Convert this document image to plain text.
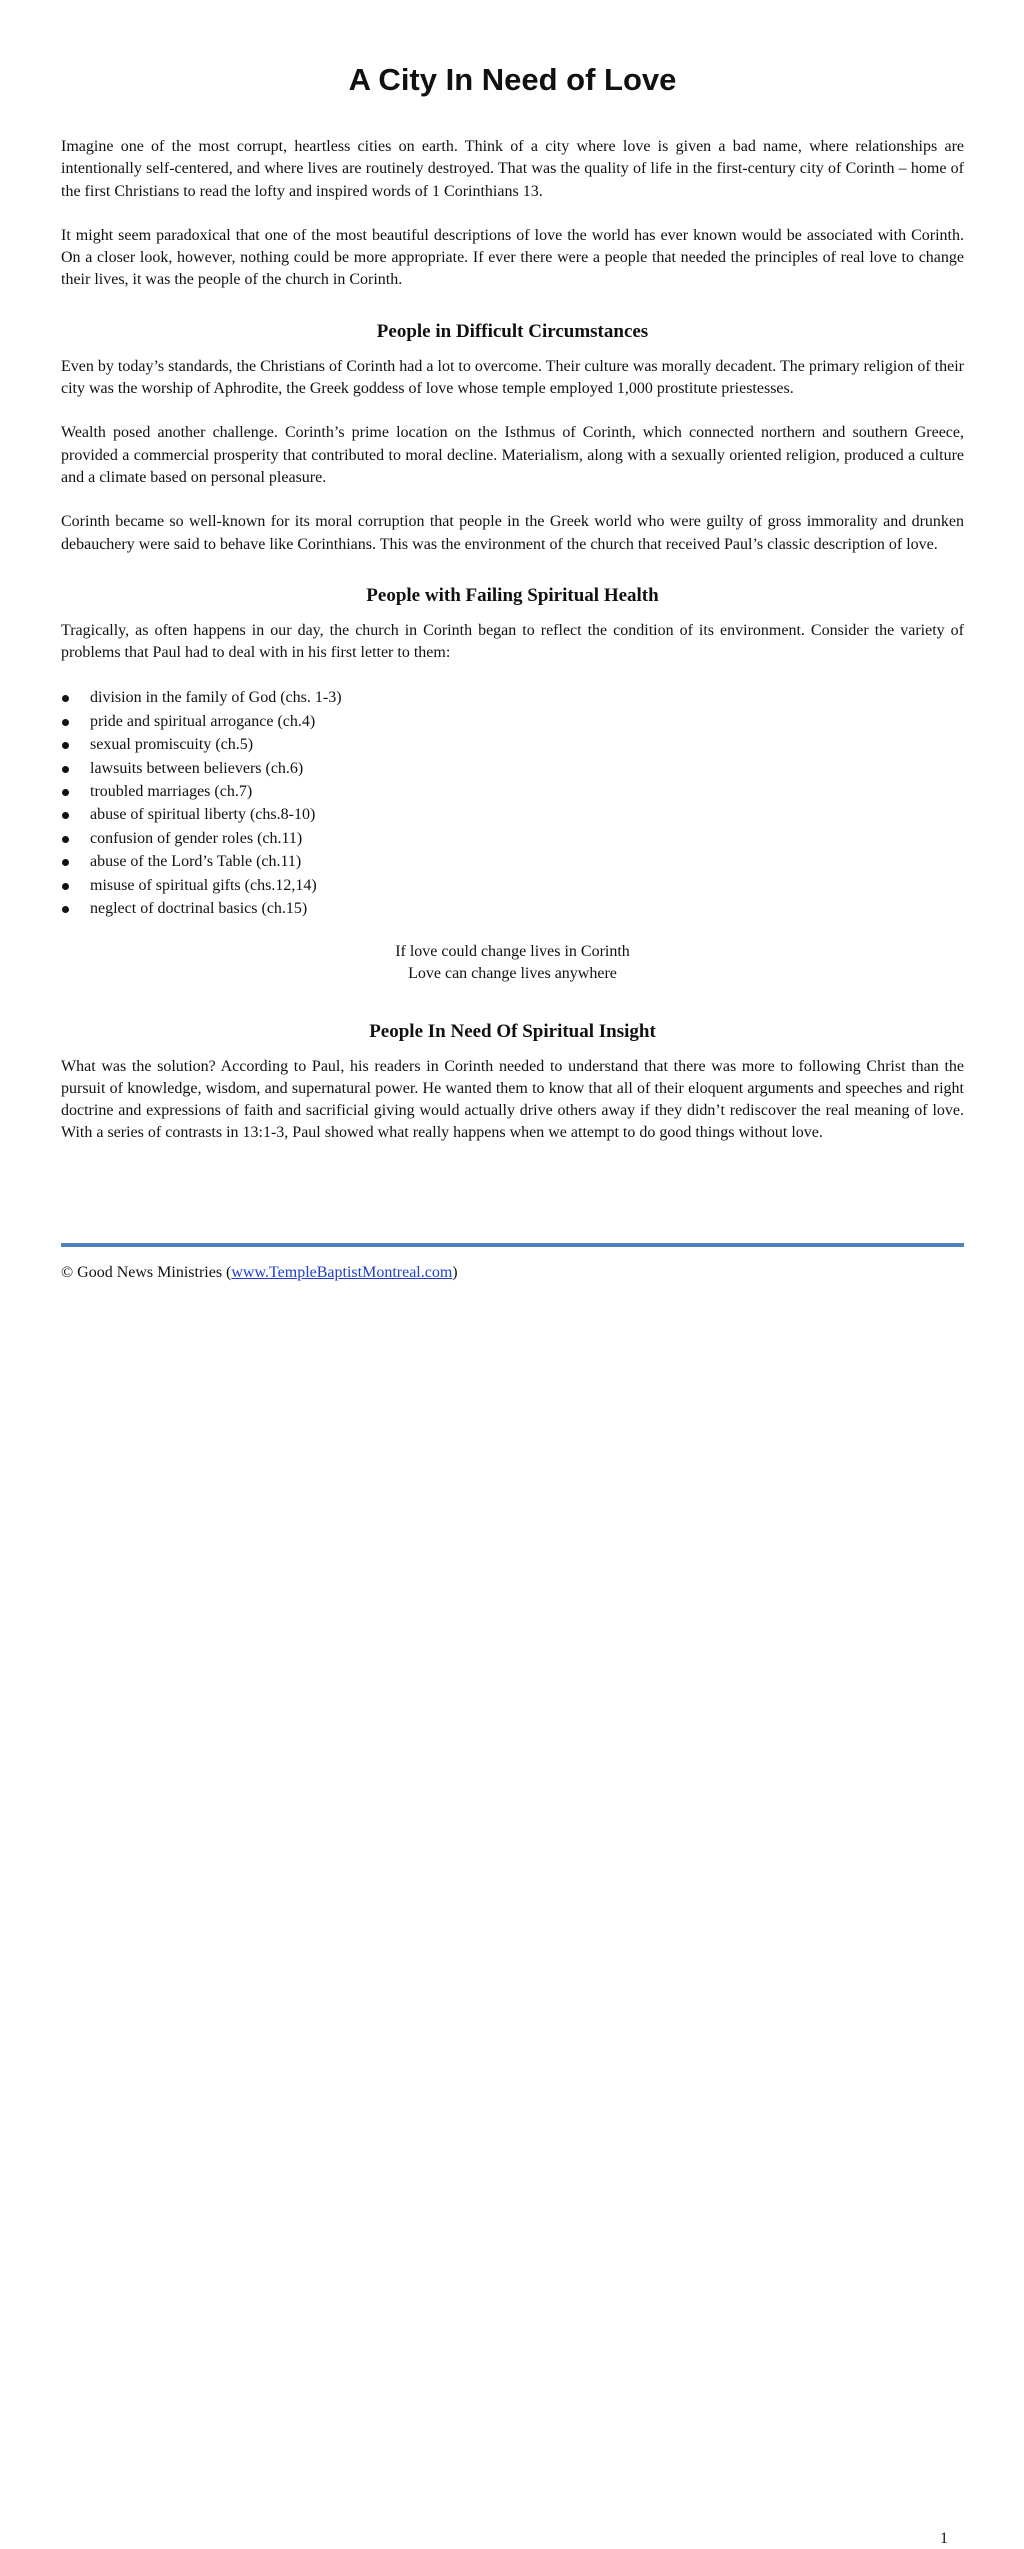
A City In Need of Love

Imagine one of the most corrupt, heartless cities on earth. Think of a city where love is given a bad name, where relationships are intentionally self-centered, and where lives are routinely destroyed. That was the quality of life in the first-century city of Corinth – home of the first Christians to read the lofty and inspired words of 1 Corinthians 13.

It might seem paradoxical that one of the most beautiful descriptions of love the world has ever known would be associated with Corinth. On a closer look, however, nothing could be more appropriate. If ever there were a people that needed the principles of real love to change their lives, it was the people of the church in Corinth.

People in Difficult Circumstances

Even by today’s standards, the Christians of Corinth had a lot to overcome. Their culture was morally decadent. The primary religion of their city was the worship of Aphrodite, the Greek goddess of love whose temple employed 1,000 prostitute priestesses.

Wealth posed another challenge. Corinth’s prime location on the Isthmus of Corinth, which connected northern and southern Greece, provided a commercial prosperity that contributed to moral decline. Materialism, along with a sexually oriented religion, produced a culture and a climate based on personal pleasure.

Corinth became so well-known for its moral corruption that people in the Greek world who were guilty of gross immorality and drunken debauchery were said to behave like Corinthians. This was the environment of the church that received Paul’s classic description of love.

People with Failing Spiritual Health

Tragically, as often happens in our day, the church in Corinth began to reflect the condition of its environment. Consider the variety of problems that Paul had to deal with in his first letter to them:

division in the family of God (chs. 1-3)
pride and spiritual arrogance (ch.4)
sexual promiscuity (ch.5)
lawsuits between believers (ch.6)
troubled marriages (ch.7)
abuse of spiritual liberty (chs.8-10)
confusion of gender roles (ch.11)
abuse of the Lord’s Table (ch.11)
misuse of spiritual gifts (chs.12,14)
neglect of doctrinal basics (ch.15)
If love could change lives in Corinth
Love can change lives anywhere
People In Need Of Spiritual Insight

What was the solution? According to Paul, his readers in Corinth needed to understand that there was more to following Christ than the pursuit of knowledge, wisdom, and supernatural power. He wanted them to know that all of their eloquent arguments and speeches and right doctrine and expressions of faith and sacrificial giving would actually drive others away if they didn’t rediscover the real meaning of love. With a series of contrasts in 13:1-3, Paul showed what really happens when we attempt to do good things without love.

© Good News Ministries (www.TempleBaptistMontreal.com)
1
